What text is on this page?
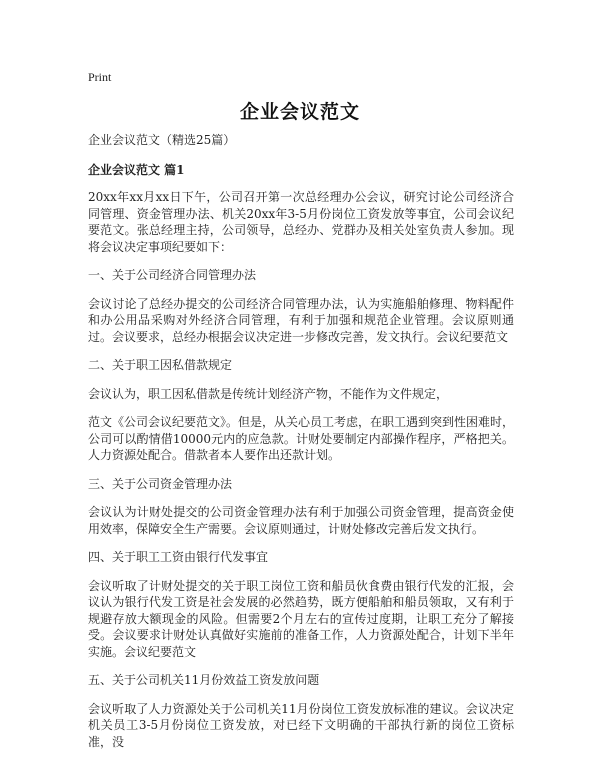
Print
企业会议范文

企业会议范文（精选25篇）

企业会议范文 篇1

20xx年xx月xx日下午，公司召开第一次总经理办公会议，研究讨论公司经济合同管理、资金管理办法、机关20xx年3-5月份岗位工资发放等事宜，公司会议纪要范文。张总经理主持，公司领导，总经办、党群办及相关处室负责人参加。现将会议决定事项纪要如下：

一、关于公司经济合同管理办法

会议讨论了总经办提交的公司经济合同管理办法，认为实施船舶修理、物料配件和办公用品采购对外经济合同管理，有利于加强和规范企业管理。会议原则通过。会议要求，总经办根据会议决定进一步修改完善，发文执行。会议纪要范文

二、关于职工因私借款规定

会议认为，职工因私借款是传统计划经济产物，不能作为文件规定，

范文《公司会议纪要范文》。但是，从关心员工考虑，在职工遇到突到性困难时，公司可以酌情借10000元内的应急款。计财处要制定内部操作程序，严格把关。人力资源处配合。借款者本人要作出还款计划。

三、关于公司资金管理办法

会议认为计财处提交的公司资金管理办法有利于加强公司资金管理，提高资金使用效率，保障安全生产需要。会议原则通过，计财处修改完善后发文执行。

四、关于职工工资由银行代发事宜

会议听取了计财处提交的关于职工岗位工资和船员伙食费由银行代发的汇报，会议认为银行代发工资是社会发展的必然趋势，既方便船舶和船员领取，又有利于规避存放大额现金的风险。但需要2个月左右的宣传过度期，让职工充分了解接受。会议要求计财处认真做好实施前的准备工作，人力资源处配合，计划下半年实施。会议纪要范文

五、关于公司机关11月份效益工资发放问题

会议听取了人力资源处关于公司机关11月份岗位工资发放标准的建议。会议决定机关员工3-5月份岗位工资发放，对已经下文明确的干部执行新的岗位工资标准，没
